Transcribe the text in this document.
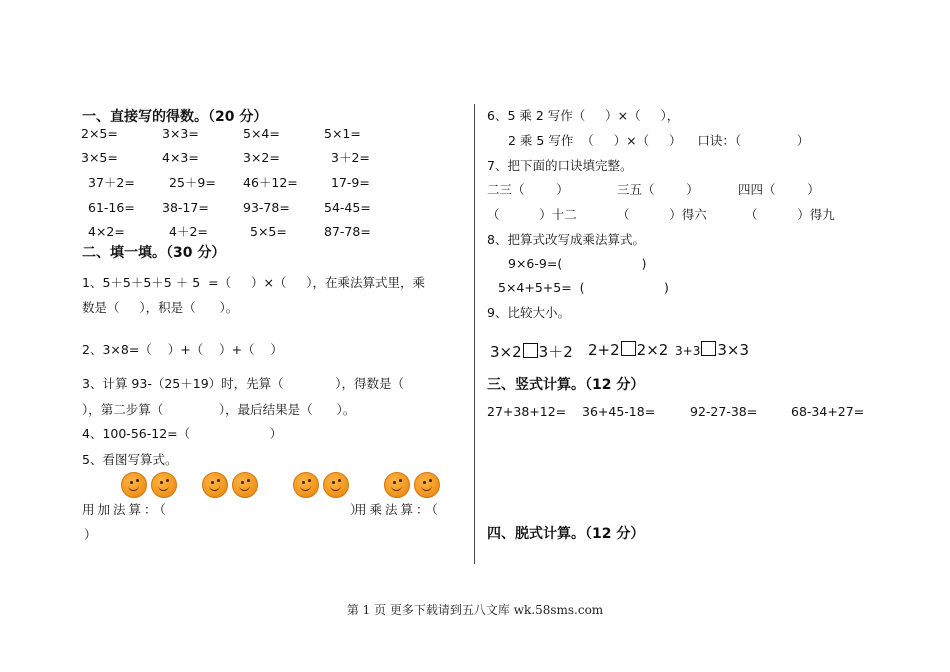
一、直接写的得数。（20 分）
2×5=	3×3=	5×4=	5×1=
3×5=	4×3=	3×2=	3＋2=
37＋2=	25＋9= 46＋12=	17-9=
61-16= 38-17=	93-78=	54-45=
4×2=	4＋2=	5×5=	87-78=
二、填一填。（30 分）
1、5＋5＋5＋5 ＋ 5  =（     ）×（     ），在乘法算式里，乘
数是（     ），积是（      ）。
2、3×8=（    ）+（    ）+（    ）
3、计算 93-（25＋19）时，先算（             ），得数是（
），第二步算（              ），最后结果是（      ）。
4、100-56-12=（                    ）
5、看图写算式。
用加法算：（                          ）
用乘法算：（
）
6、5 乘 2 写作（     ）×（     ），
2 乘 5 写作  （     ）×（     ）    口诀：（              ）
7、把下面的口诀填完整。
二三（        ）	三五（        ）	四四（        ）
（          ）十二	（          ）得六	（          ）得九
8、把算式改写成乘法算式。
9×6-9=(                    )
5×4+5+5=  (                    )
9、比较大小。
3×2 3＋2 2+2 2×2 3+3 3×3
三、竖式计算。（12 分）
27+38+12= 36+45-18=	92-27-38=	68-34+27=
四、脱式计算。（12 分）
第 1 页 更多下载请到五八文库 wk.58sms.com
